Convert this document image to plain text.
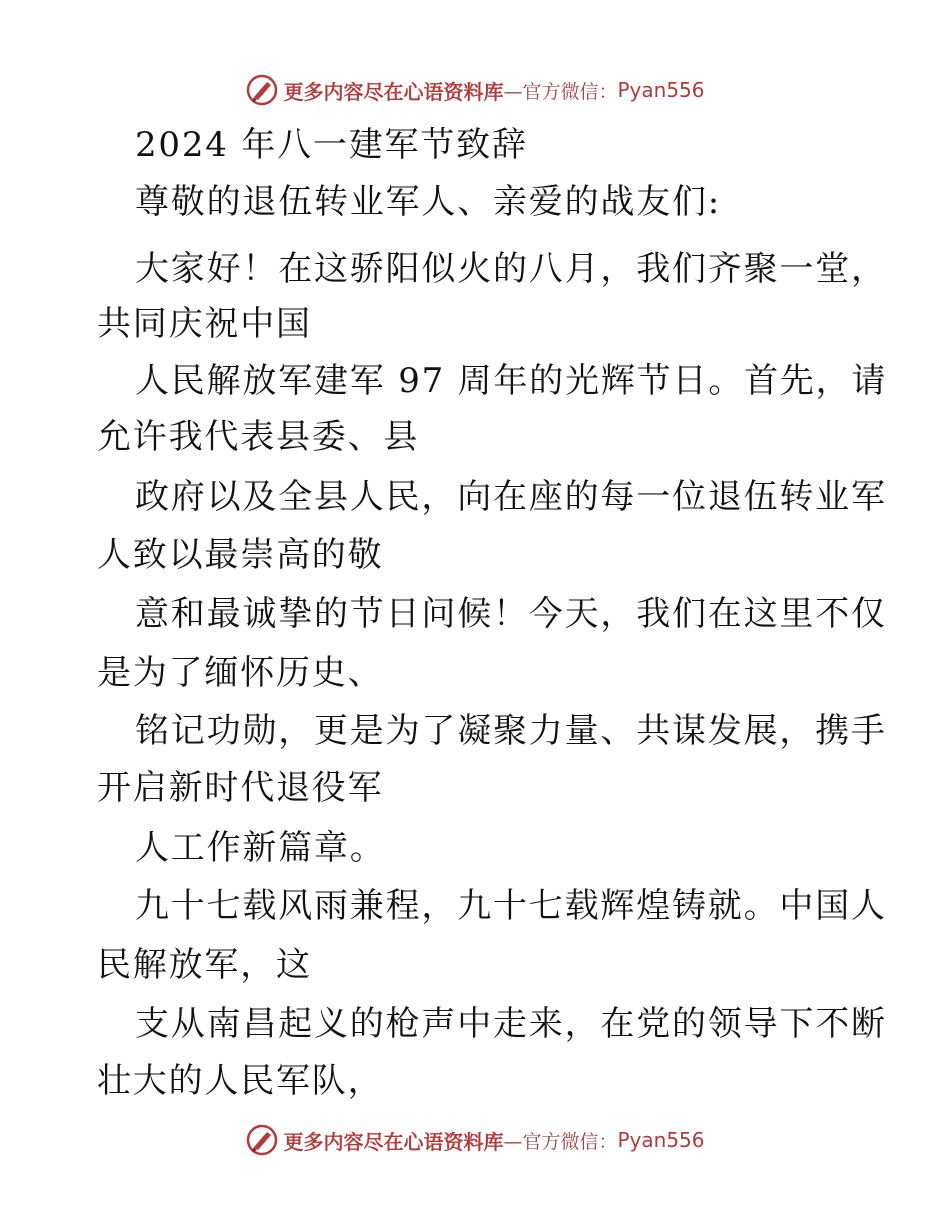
更多内容尽在心语资料库 —官方微信： Pyan556
2024 年八一建军节致辞
尊敬的退伍转业军人、亲爱的战友们:
大家好！在这骄阳似火的八月，我们齐聚一堂，
共同庆祝中国
人民解放军建军 97 周年的光辉节日。首先，请
允许我代表县委、县
政府以及全县人民，向在座的每一位退伍转业军
人致以最崇高的敬
意和最诚挚的节日问候！今天，我们在这里不仅
是为了缅怀历史、
铭记功勋，更是为了凝聚力量、共谋发展，携手
开启新时代退役军
人工作新篇章。
九十七载风雨兼程，九十七载辉煌铸就。中国人
民解放军，这
支从南昌起义的枪声中走来，在党的领导下不断
壮大的人民军队，
更多内容尽在心语资料库 —官方微信： Pyan556
